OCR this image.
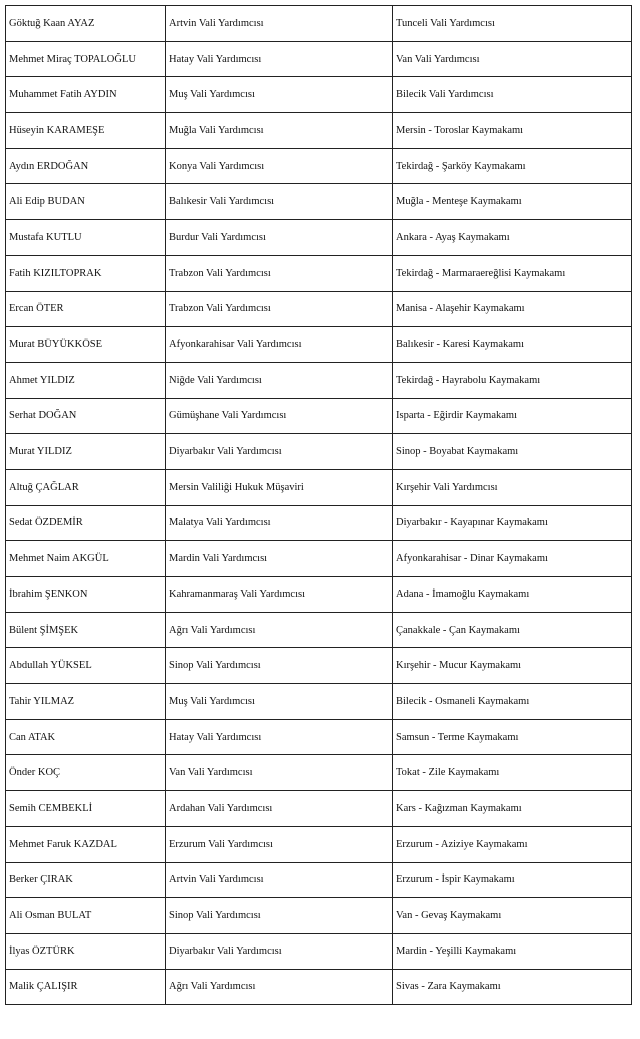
Göktuğ Kaan AYAZ	Artvin Vali Yardımcısı	Tunceli Vali Yardımcısı
Mehmet Miraç TOPALOĞLU	Hatay Vali Yardımcısı	Van Vali Yardımcısı
Muhammet Fatih AYDIN	Muş Vali Yardımcısı	Bilecik Vali Yardımcısı
Hüseyin KARAMEŞE	Muğla Vali Yardımcısı	Mersin - Toroslar Kaymakamı
Aydın ERDOĞAN	Konya Vali Yardımcısı	Tekirdağ - Şarköy Kaymakamı
Ali Edip BUDAN	Balıkesir Vali Yardımcısı	Muğla - Menteşe Kaymakamı
Mustafa KUTLU	Burdur Vali Yardımcısı	Ankara - Ayaş Kaymakamı
Fatih KIZILTOPRAK	Trabzon Vali Yardımcısı	Tekirdağ - Marmaraereğlisi Kaymakamı
Ercan ÖTER	Trabzon Vali Yardımcısı	Manisa - Alaşehir Kaymakamı
Murat BÜYÜKKÖSE	Afyonkarahisar Vali Yardımcısı	Balıkesir - Karesi Kaymakamı
Ahmet YILDIZ	Niğde Vali Yardımcısı	Tekirdağ - Hayrabolu Kaymakamı
Serhat DOĞAN	Gümüşhane Vali Yardımcısı	Isparta - Eğirdir Kaymakamı
Murat YILDIZ	Diyarbakır Vali Yardımcısı	Sinop - Boyabat Kaymakamı
Altuğ ÇAĞLAR	Mersin Valiliği Hukuk Müşaviri	Kırşehir Vali Yardımcısı
Sedat ÖZDEMİR	Malatya Vali Yardımcısı	Diyarbakır - Kayapınar Kaymakamı
Mehmet Naim AKGÜL	Mardin Vali Yardımcısı	Afyonkarahisar - Dinar Kaymakamı
İbrahim ŞENKON	Kahramanmaraş Vali Yardımcısı	Adana - İmamoğlu Kaymakamı
Bülent ŞİMŞEK	Ağrı Vali Yardımcısı	Çanakkale - Çan Kaymakamı
Abdullah YÜKSEL	Sinop Vali Yardımcısı	Kırşehir - Mucur Kaymakamı
Tahir YILMAZ	Muş Vali Yardımcısı	Bilecik - Osmaneli Kaymakamı
Can ATAK	Hatay Vali Yardımcısı	Samsun - Terme Kaymakamı
Önder KOÇ	Van Vali Yardımcısı	Tokat - Zile Kaymakamı
Semih CEMBEKLİ	Ardahan Vali Yardımcısı	Kars - Kağızman Kaymakamı
Mehmet Faruk KAZDAL	Erzurum Vali Yardımcısı	Erzurum - Aziziye Kaymakamı
Berker ÇIRAK	Artvin Vali Yardımcısı	Erzurum - İspir Kaymakamı
Ali Osman BULAT	Sinop Vali Yardımcısı	Van - Gevaş Kaymakamı
İlyas ÖZTÜRK	Diyarbakır Vali Yardımcısı	Mardin - Yeşilli Kaymakamı
Malik ÇALIŞIR	Ağrı Vali Yardımcısı	Sivas - Zara Kaymakamı
